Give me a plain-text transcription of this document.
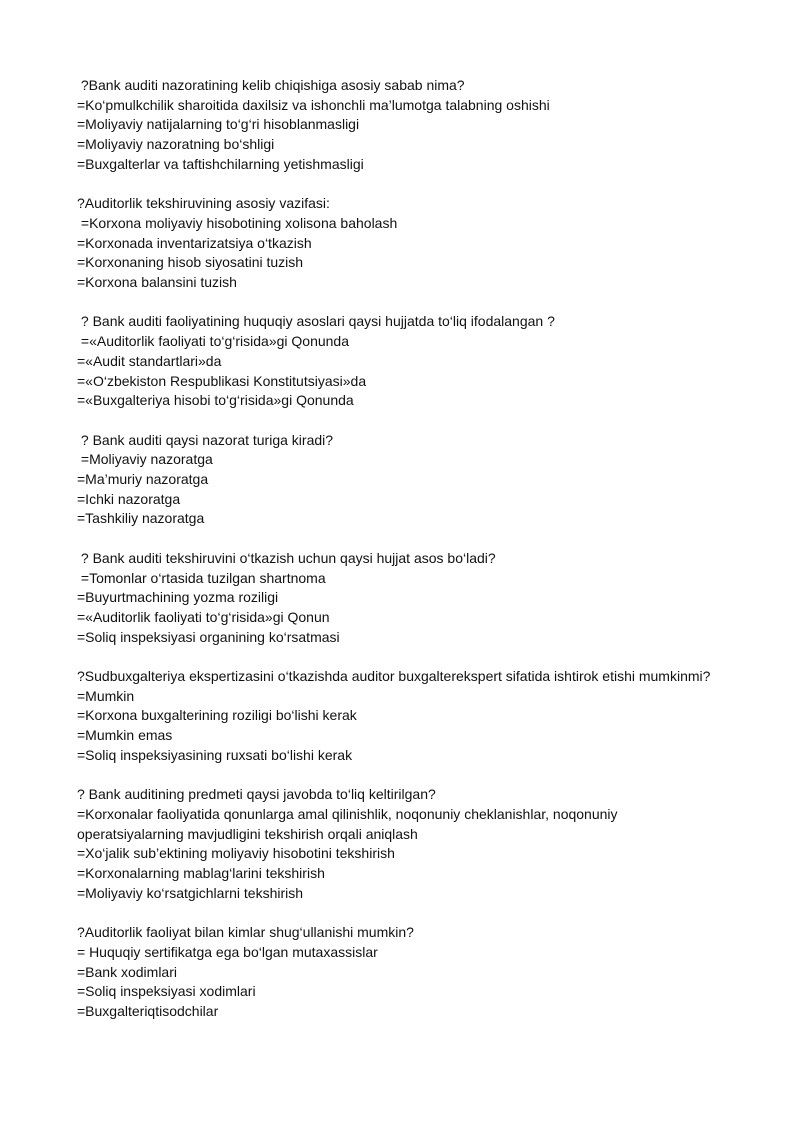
?Bank auditi nazoratining kelib chiqishiga asosiy sabab nima?
=Ko‘pmulkchilik sharoitida daxilsiz va ishonchli ma’lumotga talabning oshishi
=Moliyaviy natijalarning to‘g‘ri hisoblanmasligi
=Moliyaviy nazoratning bo‘shligi
=Buxgalterlar va taftishchilarning yetishmasligi
?Auditorlik tekshiruvining asosiy vazifasi:
=Korxona moliyaviy hisobotining xolisona baholash
=Korxonada inventarizatsiya o‘tkazish
=Korxonaning hisob siyosatini tuzish
=Korxona balansini tuzish
? Bank auditi faoliyatining huquqiy asoslari qaysi hujjatda to‘liq ifodalangan ?
=«Auditorlik faoliyati to‘g‘risida»gi Qonunda
=«Audit standartlari»da
=«O‘zbekiston Respublikasi Konstitutsiyasi»da
=«Buxgalteriya hisobi to‘g‘risida»gi Qonunda
? Bank auditi qaysi nazorat turiga kiradi?
=Moliyaviy nazoratga
=Ma’muriy nazoratga
=Ichki nazoratga
=Tashkiliy nazoratga
? Bank auditi tekshiruvini o‘tkazish uchun qaysi hujjat asos bo‘ladi?
=Tomonlar o‘rtasida tuzilgan shartnoma
=Buyurtmachining yozma roziligi
=«Auditorlik faoliyati to‘g‘risida»gi Qonun
=Soliq inspeksiyasi organining ko‘rsatmasi
?Sudbuxgalteriya ekspertizasini o‘tkazishda auditor buxgalterekspert sifatida ishtirok etishi mumkinmi?
=Mumkin
=Korxona buxgalterining roziligi bo‘lishi kerak
=Mumkin emas
=Soliq inspeksiyasining ruxsati bo‘lishi kerak
? Bank auditining predmeti qaysi javobda to‘liq keltirilgan?
=Korxonalar faoliyatida qonunlarga amal qilinishlik, noqonuniy cheklanishlar, noqonuniy operatsiyalarning mavjudligini tekshirish orqali aniqlash
=Xo‘jalik sub’ektining moliyaviy hisobotini tekshirish
=Korxonalarning mablag‘larini tekshirish
=Moliyaviy ko‘rsatgichlarni tekshirish
?Auditorlik faoliyat bilan kimlar shug‘ullanishi mumkin?
= Huquqiy sertifikatga ega bo‘lgan mutaxassislar
=Bank xodimlari
=Soliq inspeksiyasi xodimlari
=Buxgalteriqtisodchilar
